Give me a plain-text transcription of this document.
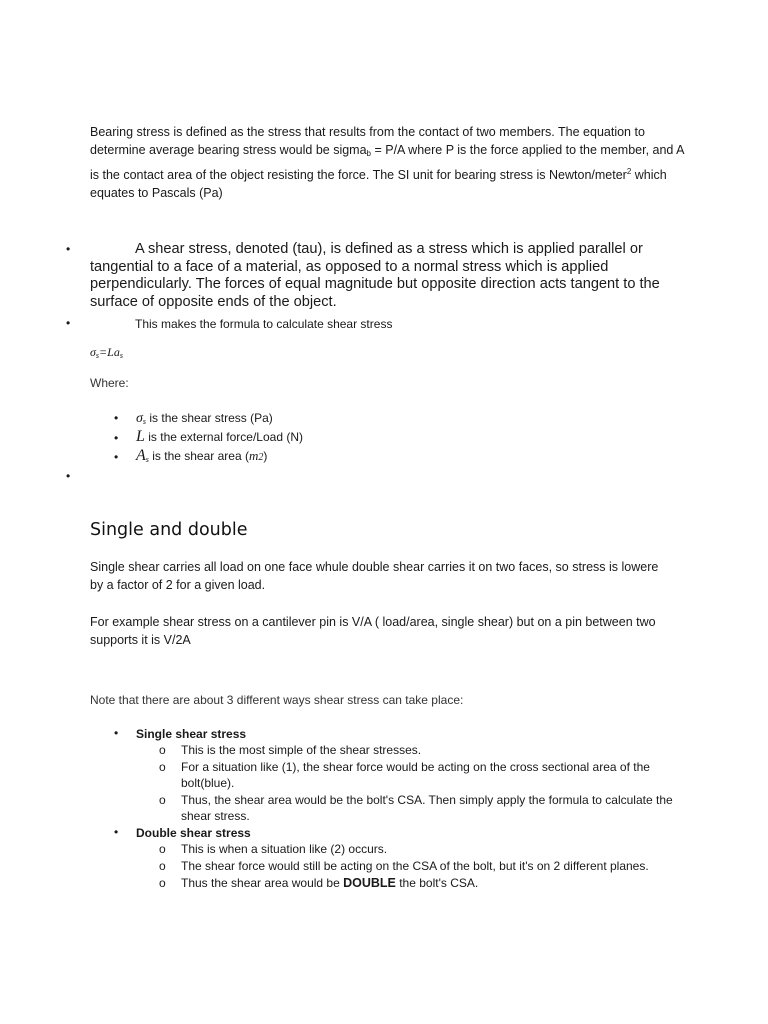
Bearing stress is defined as the stress that results from the contact of two members. The equation to determine average bearing stress would be sigma$_b$ = P/A where P is the force applied to the member, and A is the contact area of the object resisting the force. The SI unit for bearing stress is Newton/meter$^2$ which equates to Pascals (Pa)
•	A shear stress, denoted (tau), is defined as a stress which is applied parallel or tangential to a face of a material, as opposed to a normal stress which is applied perpendicularly. The forces of equal magnitude but opposite direction acts tangent to the surface of opposite ends of the object.
•	This makes the formula to calculate shear stress
$\sigma_s=La_s$
Where:
• $\sigma_s$ is the shear stress (Pa)
• L is the external force/Load (N)
• $A_s$ is the shear area (m2)
•
Single and double
Single shear carries all load on one face whule double shear carries it on two faces, so stress is lowere by a factor of 2 for a given load.
For example shear stress on a cantilever pin is V/A ( load/area, single shear) but on a pin between two supports it is V/2A
Note that there are about 3 different ways shear stress can take place:
• Single shear stress
o This is the most simple of the shear stresses.
o For a situation like (1), the shear force would be acting on the cross sectional area of the bolt(blue).
o Thus, the shear area would be the bolt's CSA. Then simply apply the formula to calculate the shear stress.
• Double shear stress
o This is when a situation like (2) occurs.
o The shear force would still be acting on the CSA of the bolt, but it's on 2 different planes.
o Thus the shear area would be DOUBLE the bolt's CSA.
